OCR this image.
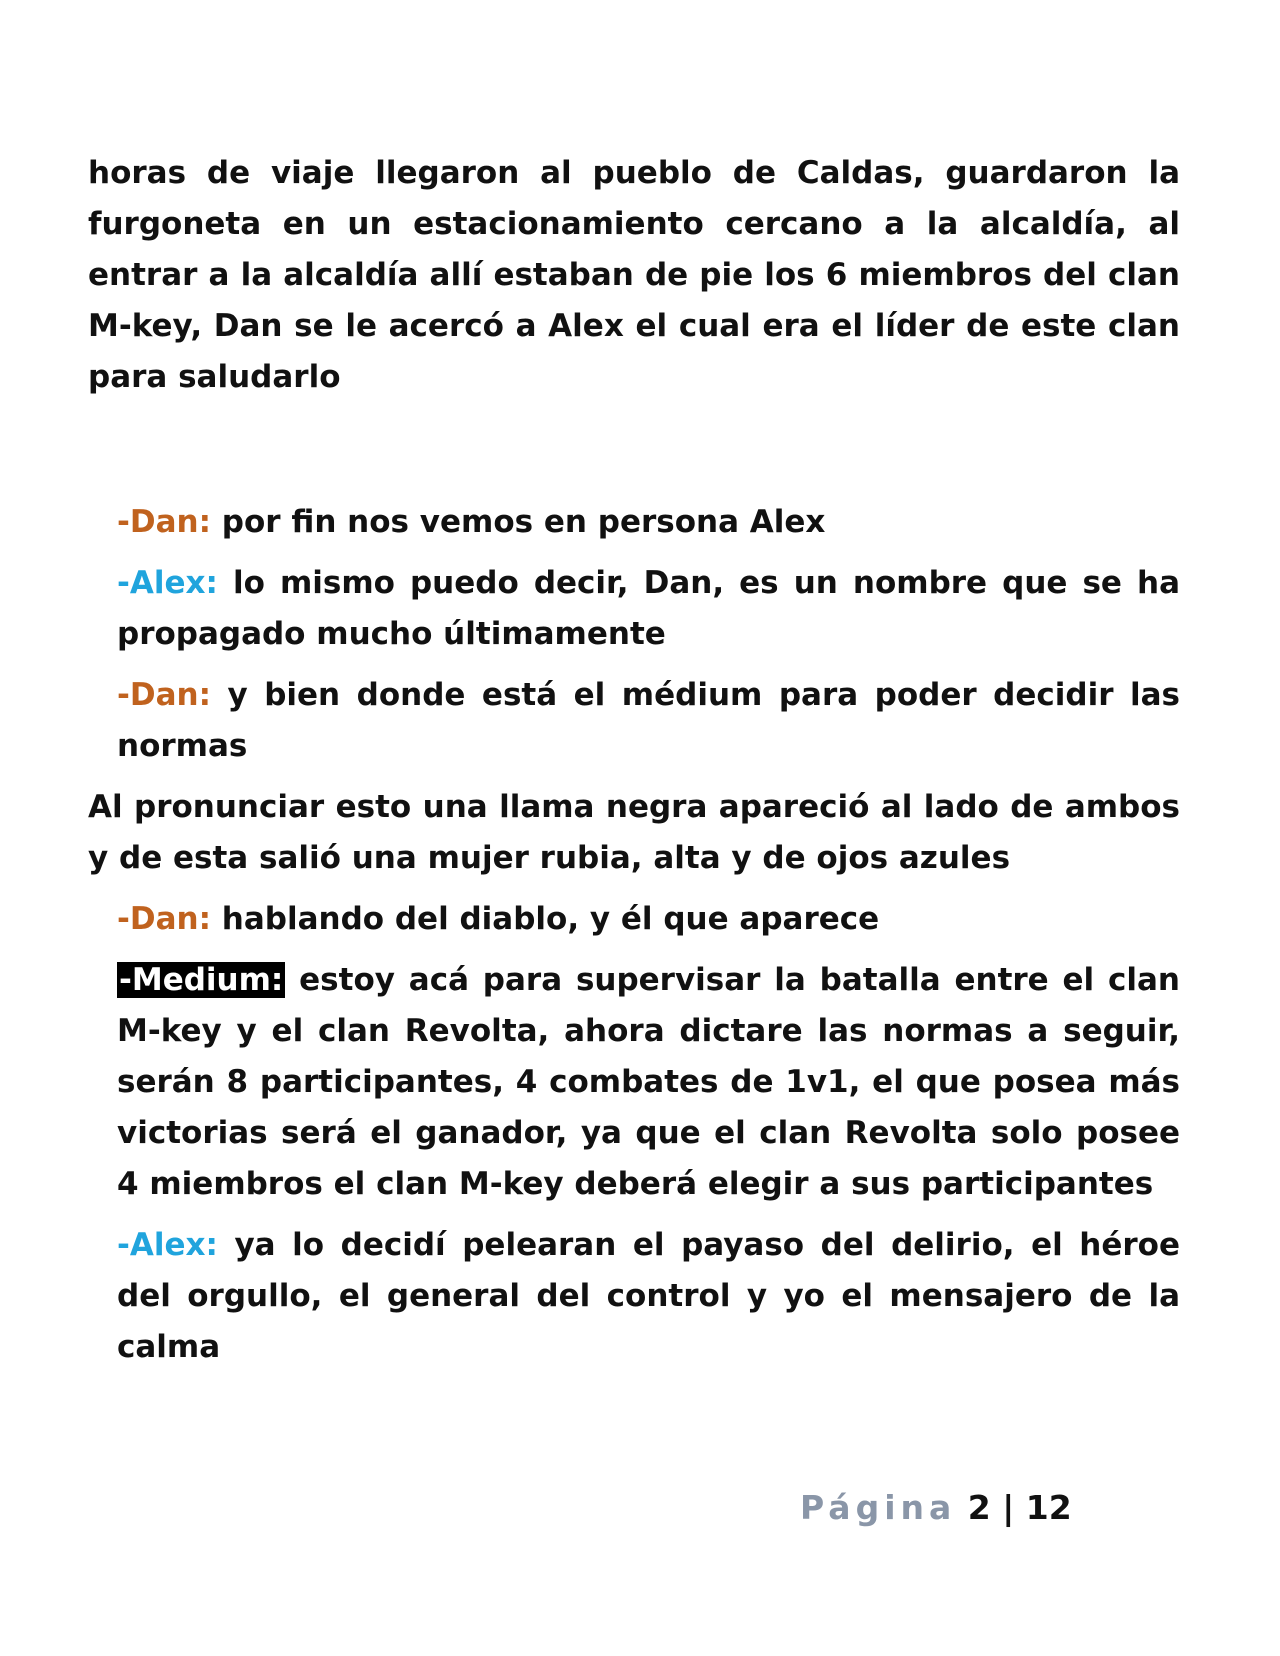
horas de viaje llegaron al pueblo de Caldas, guardaron la furgoneta en un estacionamiento cercano a la alcaldía, al entrar a la alcaldía allí estaban de pie los 6 miembros del clan M-key, Dan se le acercó a Alex el cual era el líder de este clan para saludarlo

-Dan: por fin nos vemos en persona Alex

-Alex: lo mismo puedo decir, Dan, es un nombre que se ha propagado mucho últimamente

-Dan: y bien donde está el médium para poder decidir las normas

Al pronunciar esto una llama negra apareció al lado de ambos y de esta salió una mujer rubia, alta y de ojos azules

-Dan: hablando del diablo, y él que aparece

-Medium: estoy acá para supervisar la batalla entre el clan M-key y el clan Revolta, ahora dictare las normas a seguir, serán 8 participantes, 4 combates de 1v1, el que posea más victorias será el ganador, ya que el clan Revolta solo posee 4 miembros el clan M-key deberá elegir a sus participantes

-Alex: ya lo decidí pelearan el payaso del delirio, el héroe del orgullo, el general del control y yo el mensajero de la calma

Página 2 | 12
